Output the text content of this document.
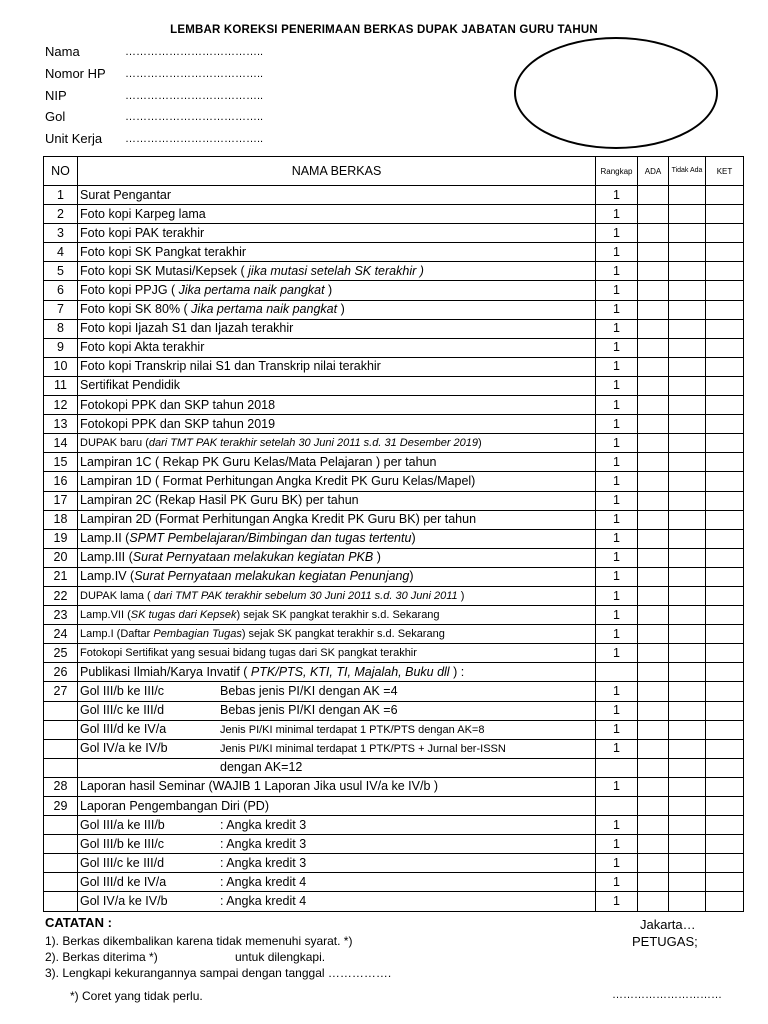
LEMBAR KOREKSI PENERIMAAN BERKAS DUPAK JABATAN GURU TAHUN
Nama	………………………………..
Nomor HP	………………………………..
NIP	………………………………..
Gol	………………………………..
Unit Kerja	………………………………..
NO	NAMA BERKAS	Rangkap	ADA	Tidak Ada	KET
1	Surat Pengantar	1			
2	Foto kopi Karpeg lama	1			
3	Foto kopi PAK terakhir	1			
4	Foto kopi SK Pangkat terakhir	1			
5	Foto kopi SK Mutasi/Kepsek ( jika mutasi setelah SK terakhir )	1			
6	Foto kopi PPJG ( Jika pertama naik pangkat )	1			
7	Foto kopi SK 80% ( Jika pertama naik pangkat )	1			
8	Foto kopi Ijazah S1 dan Ijazah terakhir	1			
9	Foto kopi Akta terakhir	1			
10	Foto kopi Transkrip nilai S1 dan Transkrip nilai terakhir	1			
11	Sertifikat Pendidik	1			
12	Fotokopi PPK dan SKP tahun 2018	1			
13	Fotokopi PPK dan SKP tahun 2019	1			
14	DUPAK baru (dari TMT PAK terakhir setelah 30 Juni 2011 s.d. 31 Desember 2019)	1			
15	Lampiran 1C ( Rekap PK Guru Kelas/Mata Pelajaran ) per tahun	1			
16	Lampiran 1D ( Format Perhitungan Angka Kredit PK Guru Kelas/Mapel)	1			
17	Lampiran 2C (Rekap Hasil PK Guru BK) per tahun	1			
18	Lampiran 2D (Format Perhitungan Angka Kredit PK Guru BK) per tahun	1			
19	Lamp.II (SPMT Pembelajaran/Bimbingan dan tugas tertentu)	1			
20	Lamp.III (Surat Pernyataan melakukan kegiatan PKB )	1			
21	Lamp.IV (Surat Pernyataan melakukan kegiatan Penunjang)	1			
22	DUPAK lama ( dari TMT PAK terakhir sebelum 30 Juni 2011 s.d. 30 Juni 2011 )	1			
23	Lamp.VII (SK tugas dari Kepsek) sejak SK pangkat terakhir s.d. Sekarang	1			
24	Lamp.I (Daftar Pembagian Tugas) sejak SK pangkat terakhir s.d. Sekarang	1			
25	Fotokopi Sertifikat yang sesuai bidang tugas dari SK pangkat terakhir	1			
26	Publikasi Ilmiah/Karya Invatif ( PTK/PTS, KTI, TI, Majalah, Buku dll ) :				
27	Gol III/b ke III/c Bebas jenis PI/KI dengan AK =4	1			
	Gol III/c ke III/d Bebas jenis PI/KI dengan AK =6	1			
	Gol III/d ke IV/a Jenis PI/KI minimal terdapat 1 PTK/PTS dengan AK=8	1			
	Gol IV/a ke IV/b Jenis PI/KI minimal terdapat 1 PTK/PTS + Jurnal ber-ISSN	1			
	dengan AK=12				
28	Laporan hasil Seminar (WAJIB 1 Laporan Jika usul IV/a ke IV/b )	1			
29	Laporan Pengembangan Diri (PD)				
	Gol III/a ke III/b : Angka kredit 3	1			
	Gol III/b ke III/c : Angka kredit 3	1			
	Gol III/c ke III/d : Angka kredit 3	1			
	Gol III/d ke IV/a : Angka kredit 4	1			
	Gol IV/a ke IV/b : Angka kredit 4	1			
CATATAN :
1). Berkas dikembalikan karena tidak memenuhi syarat. *)
2). Berkas diterima *)	untuk dilengkapi.
3). Lengkapi kekurangannya sampai dengan tanggal …………….
*) Coret yang tidak perlu.
Jakarta…
PETUGAS;
…………………………
